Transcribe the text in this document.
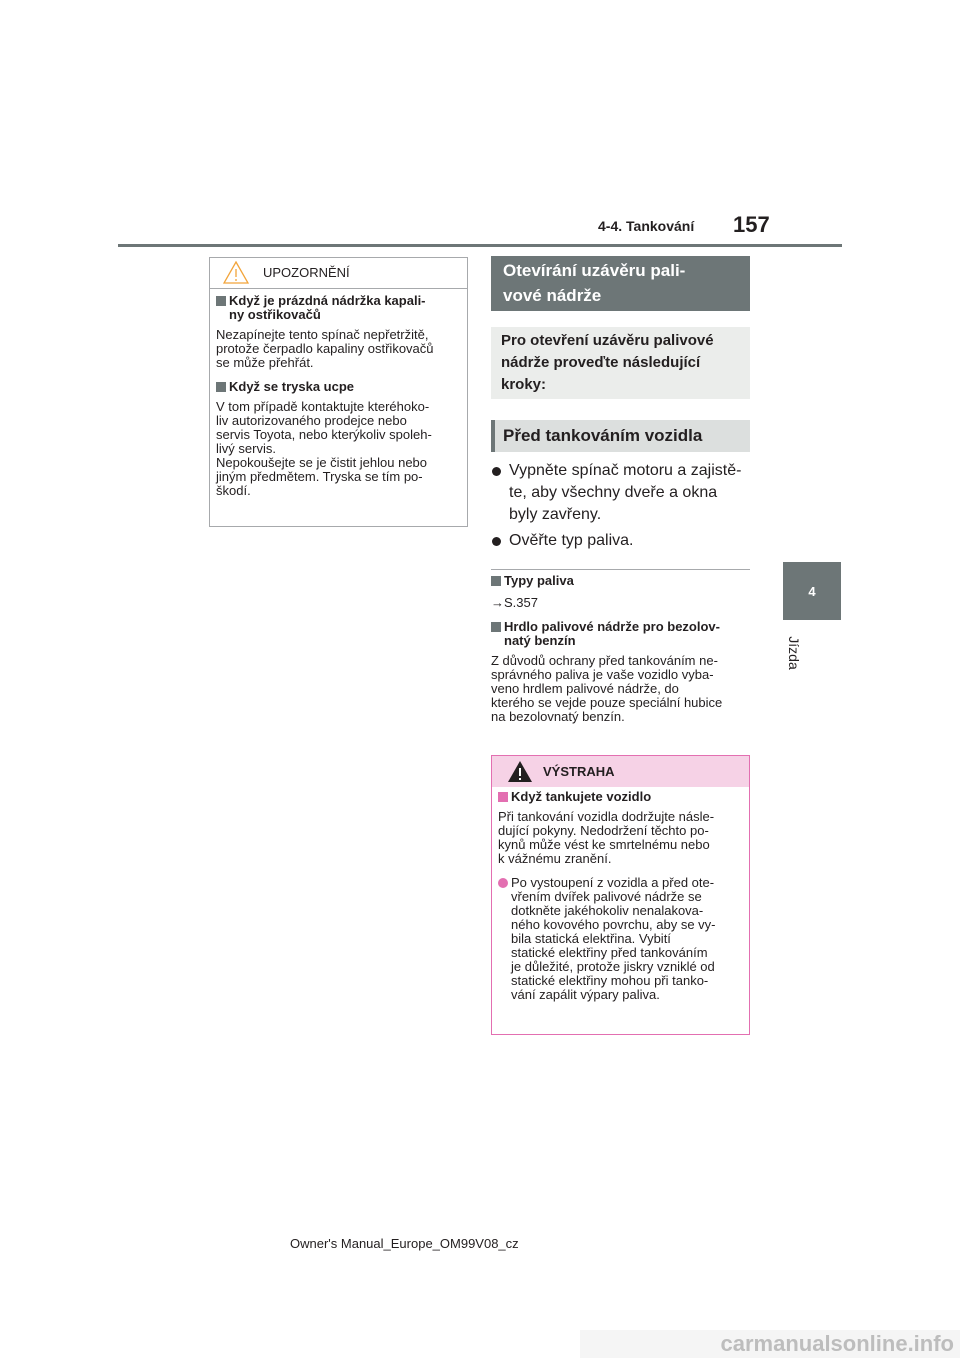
4-4. Tankování 157
4
Jízda
UPOZORNĚNÍ
Když je prázdná nádržka kapali-
ny ostřikovačů
Nezapínejte tento spínač nepřetržitě,
protože čerpadlo kapaliny ostřikovačů
se může přehřát.
Když se tryska ucpe
V tom případě kontaktujte kteréhoko-
liv autorizovaného prodejce nebo
servis Toyota, nebo kterýkoliv spoleh-
livý servis.
Nepokoušejte se je čistit jehlou nebo
jiným předmětem. Tryska se tím po-
škodí.
Otevírání uzávěru pali-
vové nádrže
Pro otevření uzávěru palivové
nádrže proveďte následující
kroky:
Před tankováním vozidla
Vypněte spínač motoru a zajistě-
te, aby všechny dveře a okna
byly zavřeny.
Ověřte typ paliva.
Typy paliva
→S.357
Hrdlo palivové nádrže pro bezolov-
natý benzín
Z důvodů ochrany před tankováním ne-
správného paliva je vaše vozidlo vyba-
veno hrdlem palivové nádrže, do
kterého se vejde pouze speciální hubice
na bezolovnatý benzín.
VÝSTRAHA
Když tankujete vozidlo
Při tankování vozidla dodržujte násle-
dující pokyny. Nedodržení těchto po-
kynů může vést ke smrtelnému nebo
k vážnému zranění.
Po vystoupení z vozidla a před ote-
vřením dvířek palivové nádrže se
dotkněte jakéhokoliv nenalakova-
ného kovového povrchu, aby se vy-
bila statická elektřina. Vybití
statické elektřiny před tankováním
je důležité, protože jiskry vzniklé od
statické elektřiny mohou při tanko-
vání zapálit výpary paliva.
Owner's Manual_Europe_OM99V08_cz
carmanualsonline.info
